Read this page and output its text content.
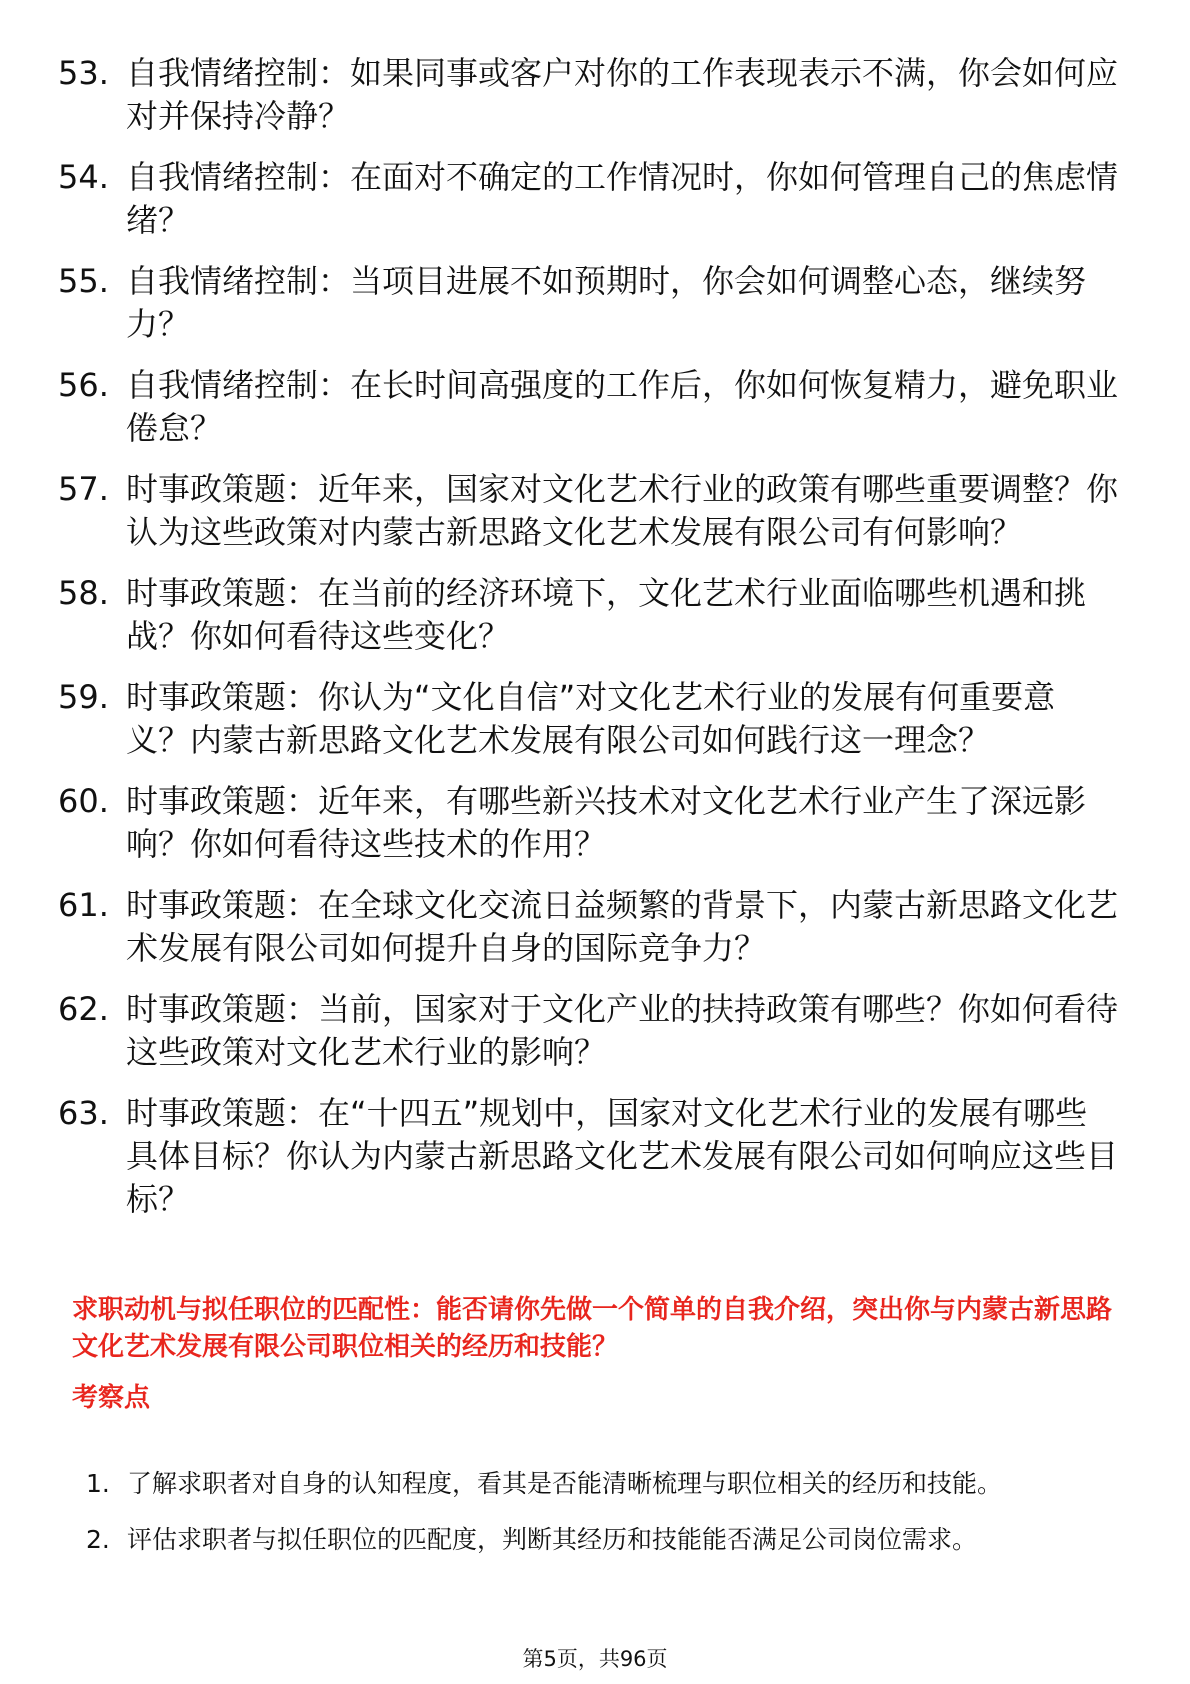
53. 自我情绪控制：如果同事或客户对你的工作表现表示不满，你会如何应对并保持冷静？
54. 自我情绪控制：在面对不确定的工作情况时，你如何管理自己的焦虑情绪？
55. 自我情绪控制：当项目进展不如预期时，你会如何调整心态，继续努力？
56. 自我情绪控制：在长时间高强度的工作后，你如何恢复精力，避免职业倦怠？
57. 时事政策题：近年来，国家对文化艺术行业的政策有哪些重要调整？你认为这些政策对内蒙古新思路文化艺术发展有限公司有何影响？
58. 时事政策题：在当前的经济环境下，文化艺术行业面临哪些机遇和挑战？你如何看待这些变化？
59. 时事政策题：你认为“文化自信”对文化艺术行业的发展有何重要意义？内蒙古新思路文化艺术发展有限公司如何践行这一理念？
60. 时事政策题：近年来，有哪些新兴技术对文化艺术行业产生了深远影响？你如何看待这些技术的作用？
61. 时事政策题：在全球文化交流日益频繁的背景下，内蒙古新思路文化艺术发展有限公司如何提升自身的国际竞争力？
62. 时事政策题：当前，国家对于文化产业的扶持政策有哪些？你如何看待这些政策对文化艺术行业的影响？
63. 时事政策题：在“十四五”规划中，国家对文化艺术行业的发展有哪些具体目标？你认为内蒙古新思路文化艺术发展有限公司如何响应这些目标？
求职动机与拟任职位的匹配性：能否请你先做一个简单的自我介绍，突出你与内蒙古新思路文化艺术发展有限公司职位相关的经历和技能？
考察点
1. 了解求职者对自身的认知程度，看其是否能清晰梳理与职位相关的经历和技能。
2. 评估求职者与拟任职位的匹配度，判断其经历和技能能否满足公司岗位需求。
第5页，共96页
